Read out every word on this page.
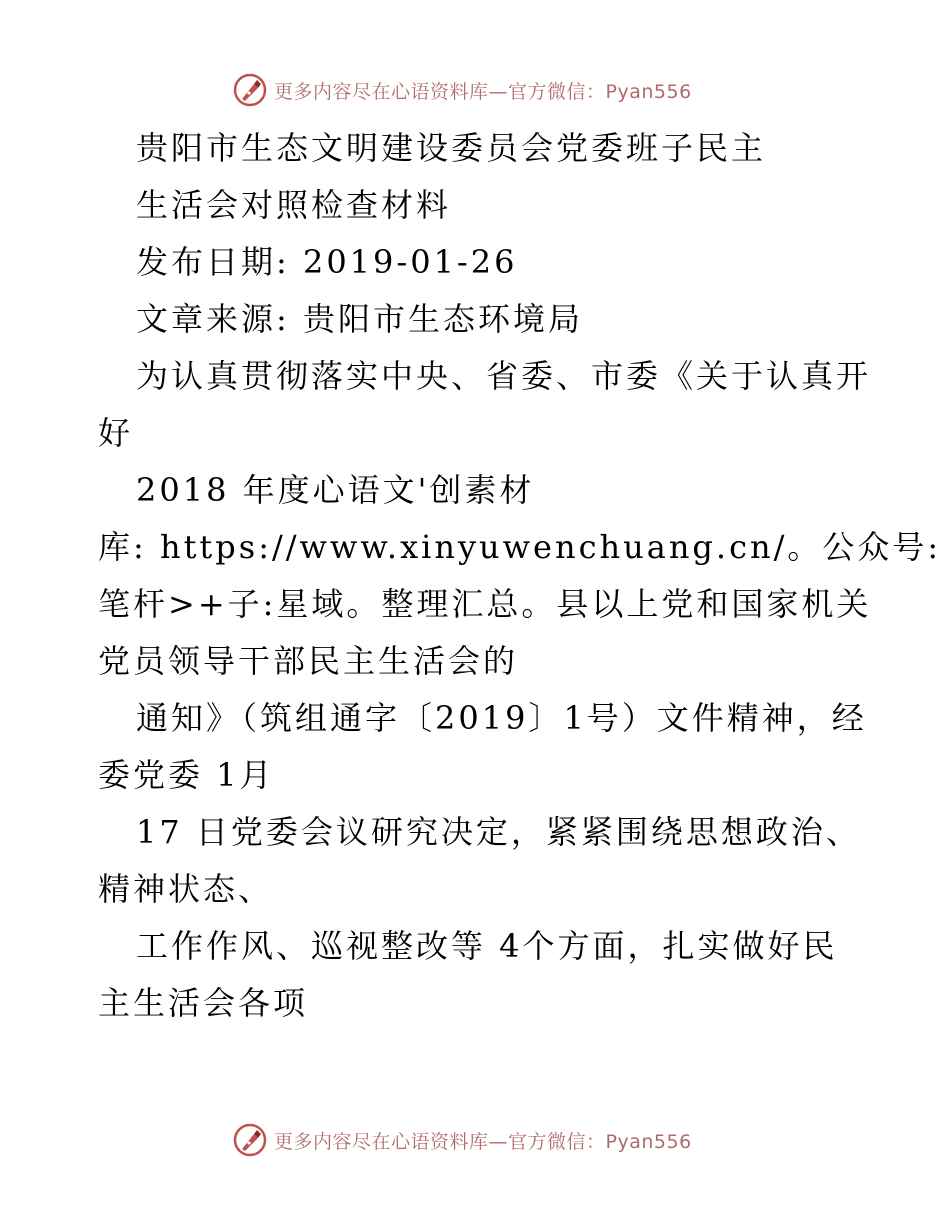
更多内容尽在心语资料库—官方微信：Pyan556
贵阳市生态文明建设委员会党委班子民主
生活会对照检查材料
发布日期: 2019-01-26
文章来源: 贵阳市生态环境局
为认真贯彻落实中央、省委、市委《关于认真开
好
2018 年度心语文'创素材
库: https://www.xinyuwenchuang.cn/。公众号:
笔杆>+子:星域。整理汇总。县以上党和国家机关
党员领导干部民主生活会的
通知》（筑组通字〔2019〕1号）文件精神，经
委党委 1月
17 日党委会议研究决定，紧紧围绕思想政治、
精神状态、
工作作风、巡视整改等 4个方面，扎实做好民
主生活会各项
更多内容尽在心语资料库—官方微信：Pyan556
